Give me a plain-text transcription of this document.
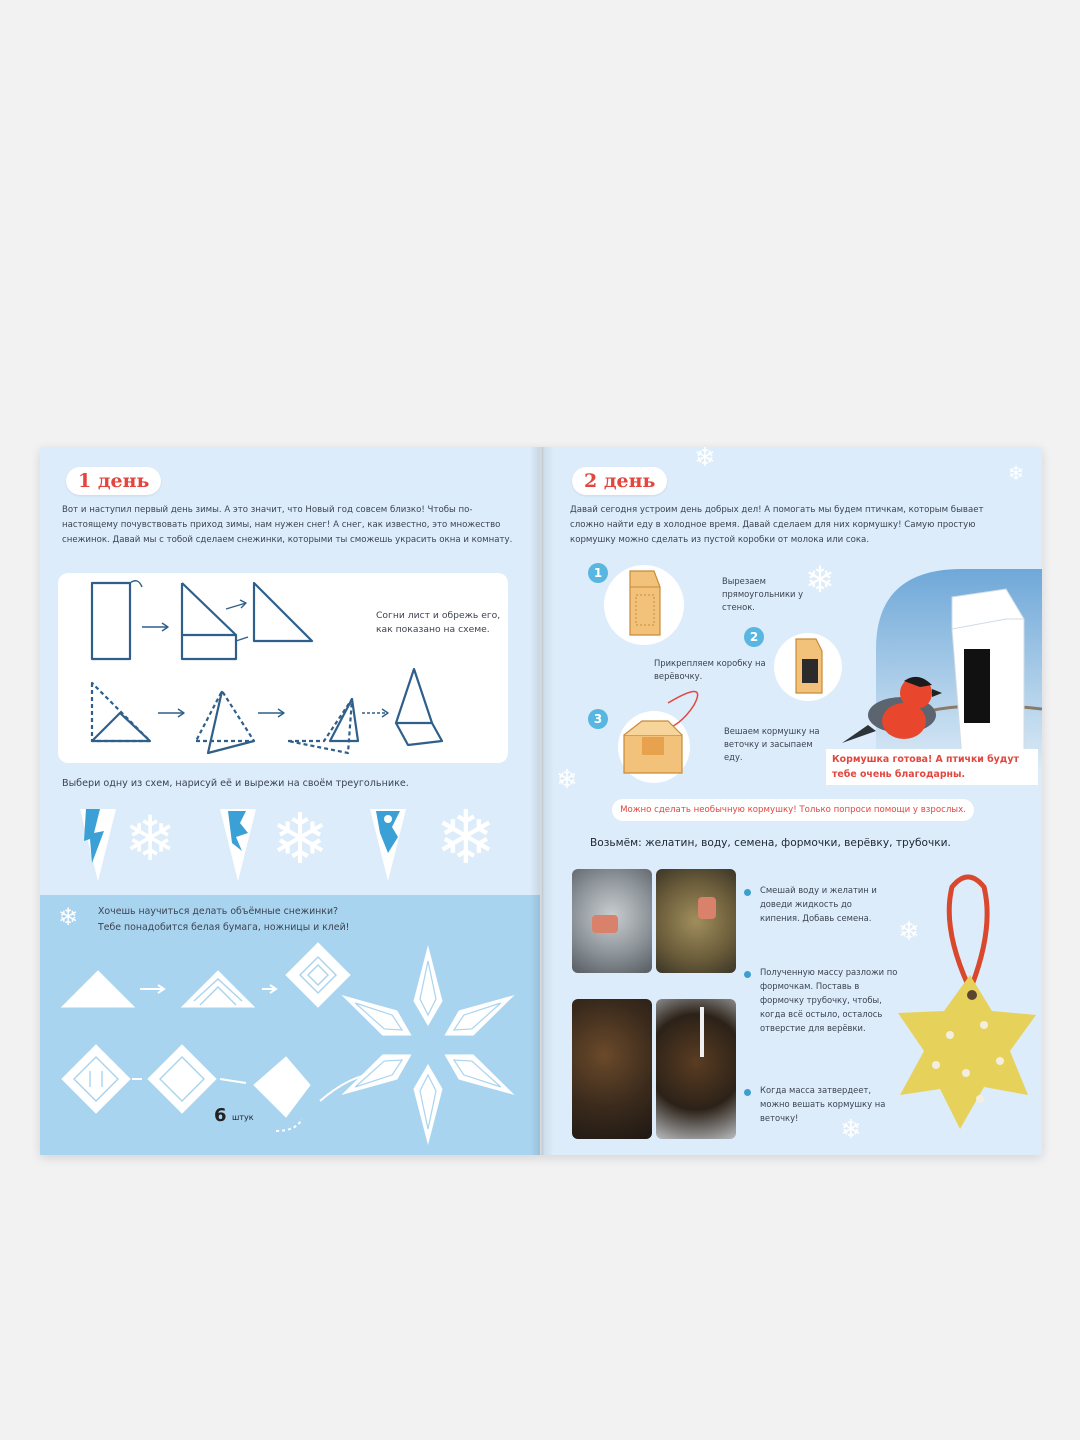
1 день
Вот и наступил первый день зимы. А это значит, что Новый год совсем близко! Чтобы по-настоящему почувствовать приход зимы, нам нужен снег! А снег, как известно, это множество снежинок. Давай мы с тобой сделаем снежинки, которыми ты сможешь украсить окна и комнату.
Согни лист и обрежь его, как показано на схеме.
Выбери одну из схем, нарисуй её и вырежи на своём треугольнике.
❄ ❄ ❄
❄	Хочешь научиться делать объёмные снежинки?
Тебе понадобится белая бумага, ножницы и клей!
6 штук
❄	❄
2 день
Давай сегодня устроим день добрых дел! А помогать мы будем птичкам, которым бывает сложно найти еду в холодное время. Давай сделаем для них кормушку! Самую простую кормушку можно сделать из пустой коробки от молока или сока.
1
Вырезаем прямоугольники у стенок.
2
Прикрепляем коробку на верёвочку.
3
Вешаем кормушку на веточку и засыпаем еду.
❄
Кормушка готова! А птички будут тебе очень благодарны.
❄
Можно сделать необычную кормушку! Только попроси помощи у взрослых.
Возьмём: желатин, воду, семена, формочки, верёвку, трубочки.
Смешай воду и желатин и доведи жидкость до кипения. Добавь семена.
Полученную массу разложи по формочкам. Поставь в формочку трубочку, чтобы, когда всё остыло, осталось отверстие для верёвки.
Когда масса затвердеет, можно вешать кормушку на веточку!
❄
❄
